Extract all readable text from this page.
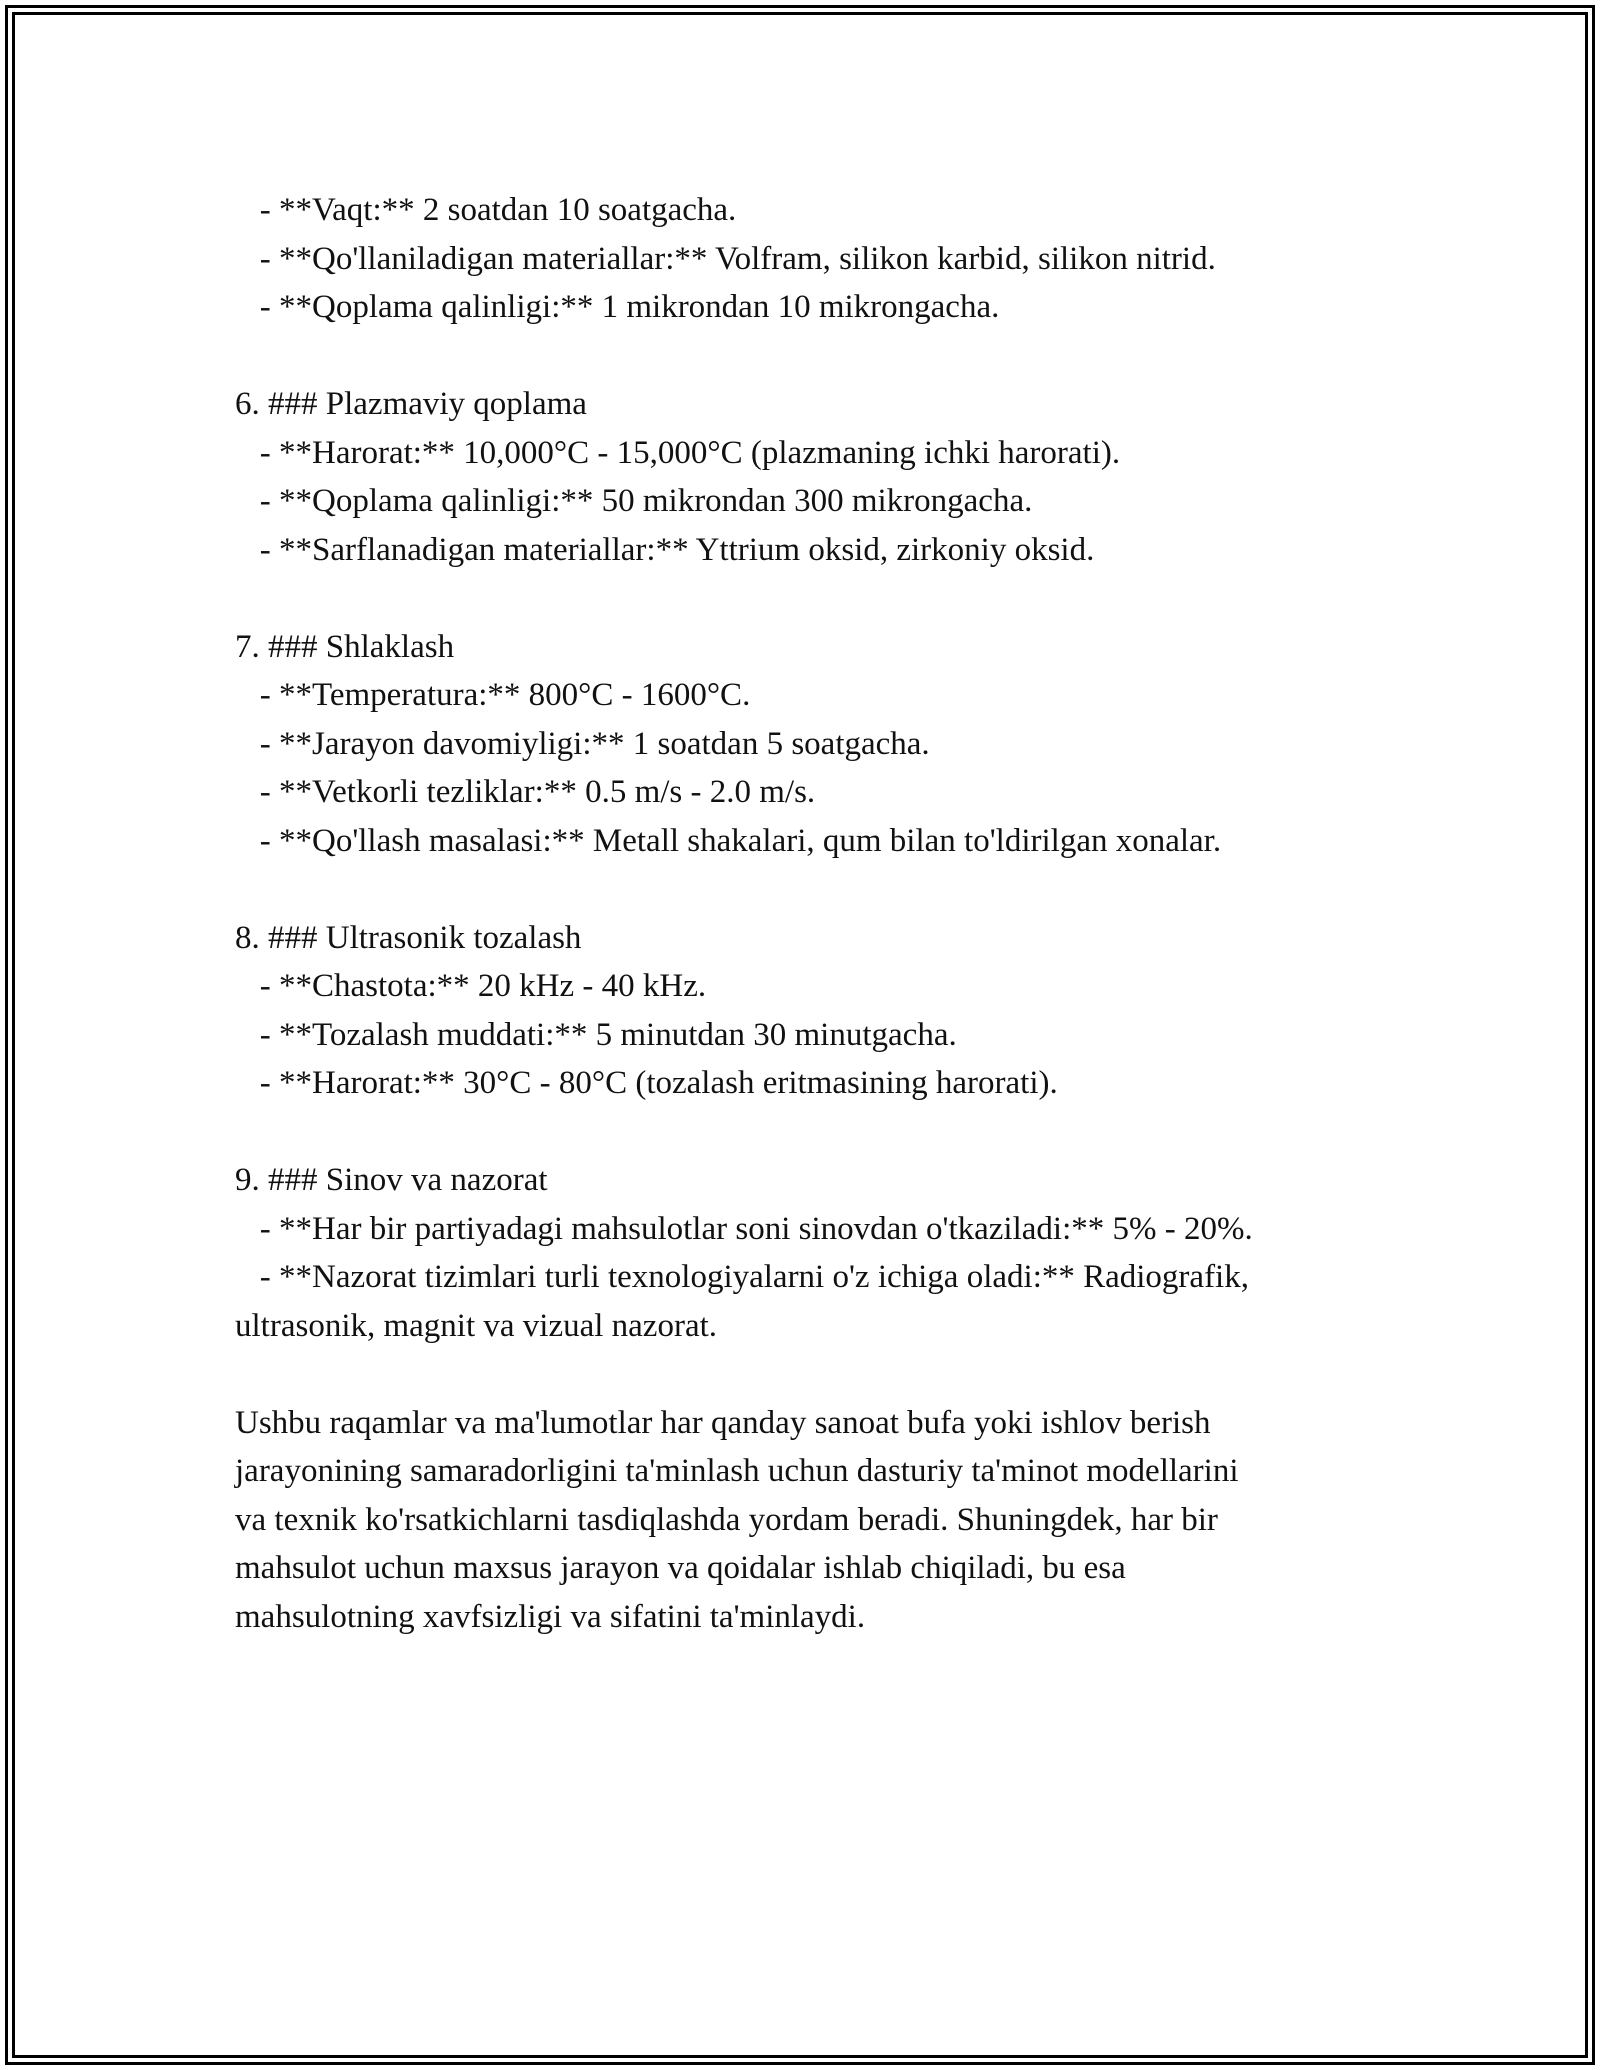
- **Vaqt:** 2 soatdan 10 soatgacha.

- **Qo'llaniladigan materiallar:** Volfram, silikon karbid, silikon nitrid.

- **Qoplama qalinligi:** 1 mikrondan 10 mikrongacha.

6. ### Plazmaviy qoplama

- **Harorat:** 10,000°C - 15,000°C (plazmaning ichki harorati).

- **Qoplama qalinligi:** 50 mikrondan 300 mikrongacha.

- **Sarflanadigan materiallar:** Yttrium oksid, zirkoniy oksid.

7. ### Shlaklash

- **Temperatura:** 800°C - 1600°C.

- **Jarayon davomiyligi:** 1 soatdan 5 soatgacha.

- **Vetkorli tezliklar:** 0.5 m/s - 2.0 m/s.

- **Qo'llash masalasi:** Metall shakalari, qum bilan to'ldirilgan xonalar.

8. ### Ultrasonik tozalash

- **Chastota:** 20 kHz - 40 kHz.

- **Tozalash muddati:** 5 minutdan 30 minutgacha.

- **Harorat:** 30°C - 80°C (tozalash eritmasining harorati).

9. ### Sinov va nazorat

- **Har bir partiyadagi mahsulotlar soni sinovdan o'tkaziladi:** 5% - 20%.

- **Nazorat tizimlari turli texnologiyalarni o'z ichiga oladi:** Radiografik,

ultrasonik, magnit va vizual nazorat.

Ushbu raqamlar va ma'lumotlar har qanday sanoat bufa yoki ishlov berish

jarayonining samaradorligini ta'minlash uchun dasturiy ta'minot modellarini

va texnik ko'rsatkichlarni tasdiqlashda yordam beradi. Shuningdek, har bir

mahsulot uchun maxsus jarayon va qoidalar ishlab chiqiladi, bu esa

mahsulotning xavfsizligi va sifatini ta'minlaydi.
